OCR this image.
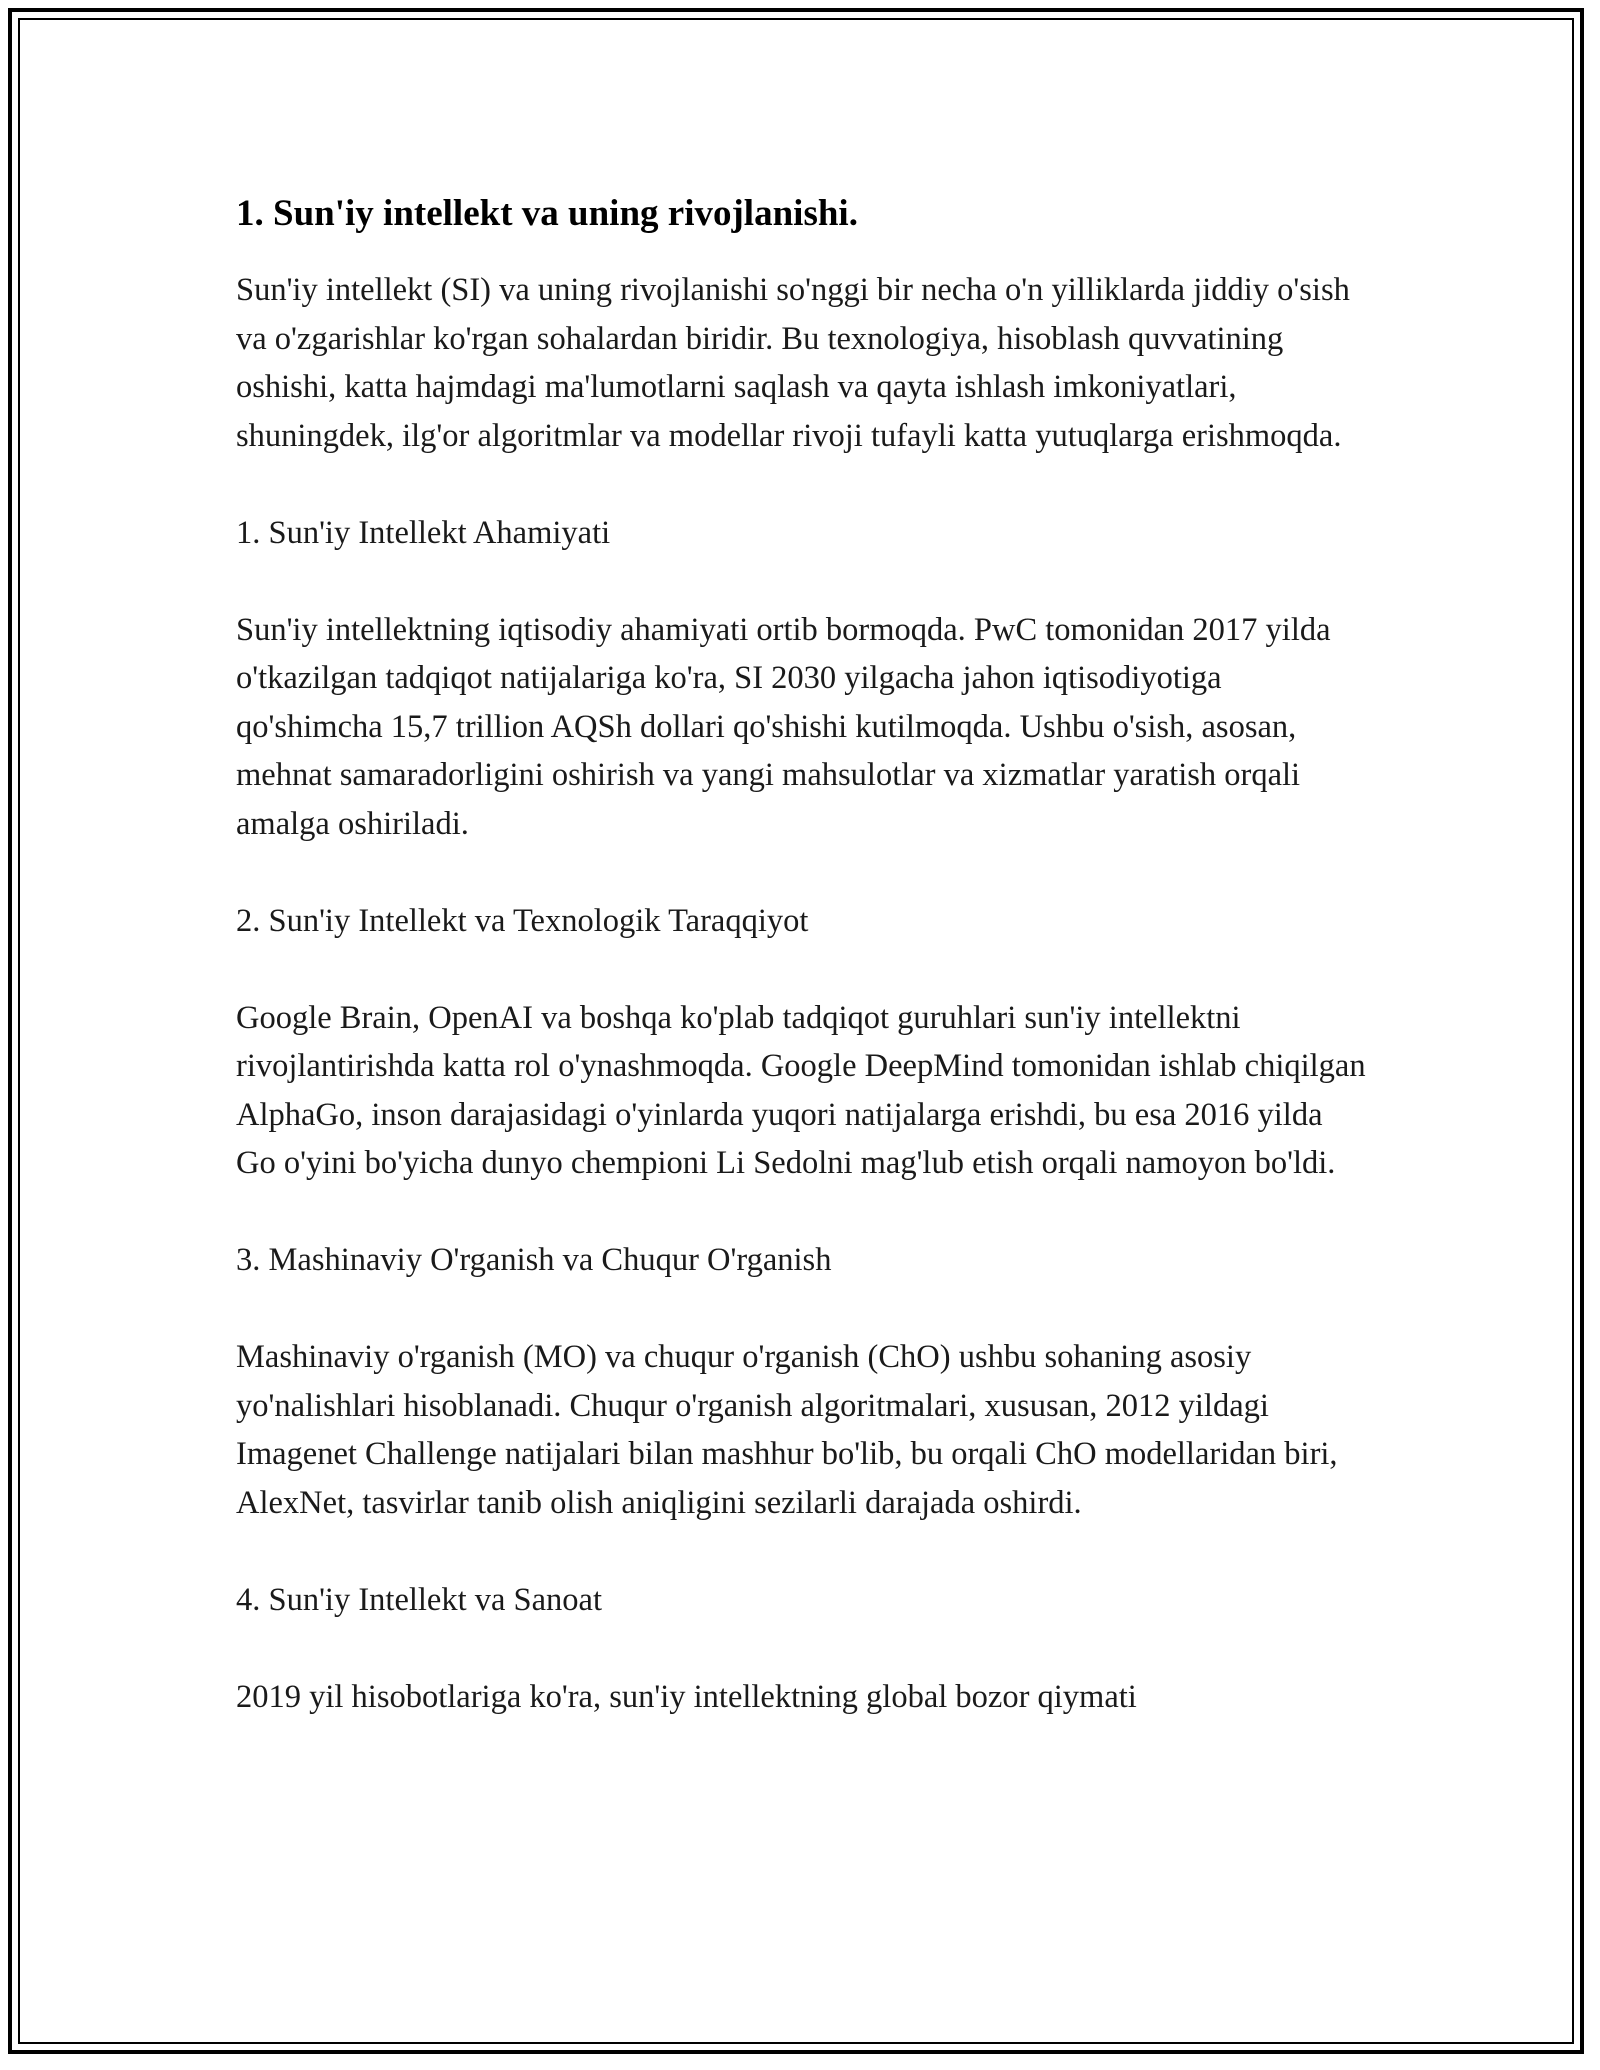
1. Sun'iy intellekt va uning rivojlanishi.

Sun'iy intellekt (SI) va uning rivojlanishi so'nggi bir necha o'n yilliklarda jiddiy o'sish va o'zgarishlar ko'rgan sohalardan biridir. Bu texnologiya, hisoblash quvvatining oshishi, katta hajmdagi ma'lumotlarni saqlash va qayta ishlash imkoniyatlari, shuningdek, ilg'or algoritmlar va modellar rivoji tufayli katta yutuqlarga erishmoqda.

1. Sun'iy Intellekt Ahamiyati

Sun'iy intellektning iqtisodiy ahamiyati ortib bormoqda. PwC tomonidan 2017 yilda o'tkazilgan tadqiqot natijalariga ko'ra, SI 2030 yilgacha jahon iqtisodiyotiga qo'shimcha 15,7 trillion AQSh dollari qo'shishi kutilmoqda. Ushbu o'sish, asosan, mehnat samaradorligini oshirish va yangi mahsulotlar va xizmatlar yaratish orqali amalga oshiriladi.

2. Sun'iy Intellekt va Texnologik Taraqqiyot

Google Brain, OpenAI va boshqa ko'plab tadqiqot guruhlari sun'iy intellektni rivojlantirishda katta rol o'ynashmoqda. Google DeepMind tomonidan ishlab chiqilgan AlphaGo, inson darajasidagi o'yinlarda yuqori natijalarga erishdi, bu esa 2016 yilda Go o'yini bo'yicha dunyo chempioni Li Sedolni mag'lub etish orqali namoyon bo'ldi.

3. Mashinaviy O'rganish va Chuqur O'rganish

Mashinaviy o'rganish (MO) va chuqur o'rganish (ChO) ushbu sohaning asosiy yo'nalishlari hisoblanadi. Chuqur o'rganish algoritmalari, xususan, 2012 yildagi Imagenet Challenge natijalari bilan mashhur bo'lib, bu orqali ChO modellaridan biri, AlexNet, tasvirlar tanib olish aniqligini sezilarli darajada oshirdi.

4. Sun'iy Intellekt va Sanoat

2019 yil hisobotlariga ko'ra, sun'iy intellektning global bozor qiymati
